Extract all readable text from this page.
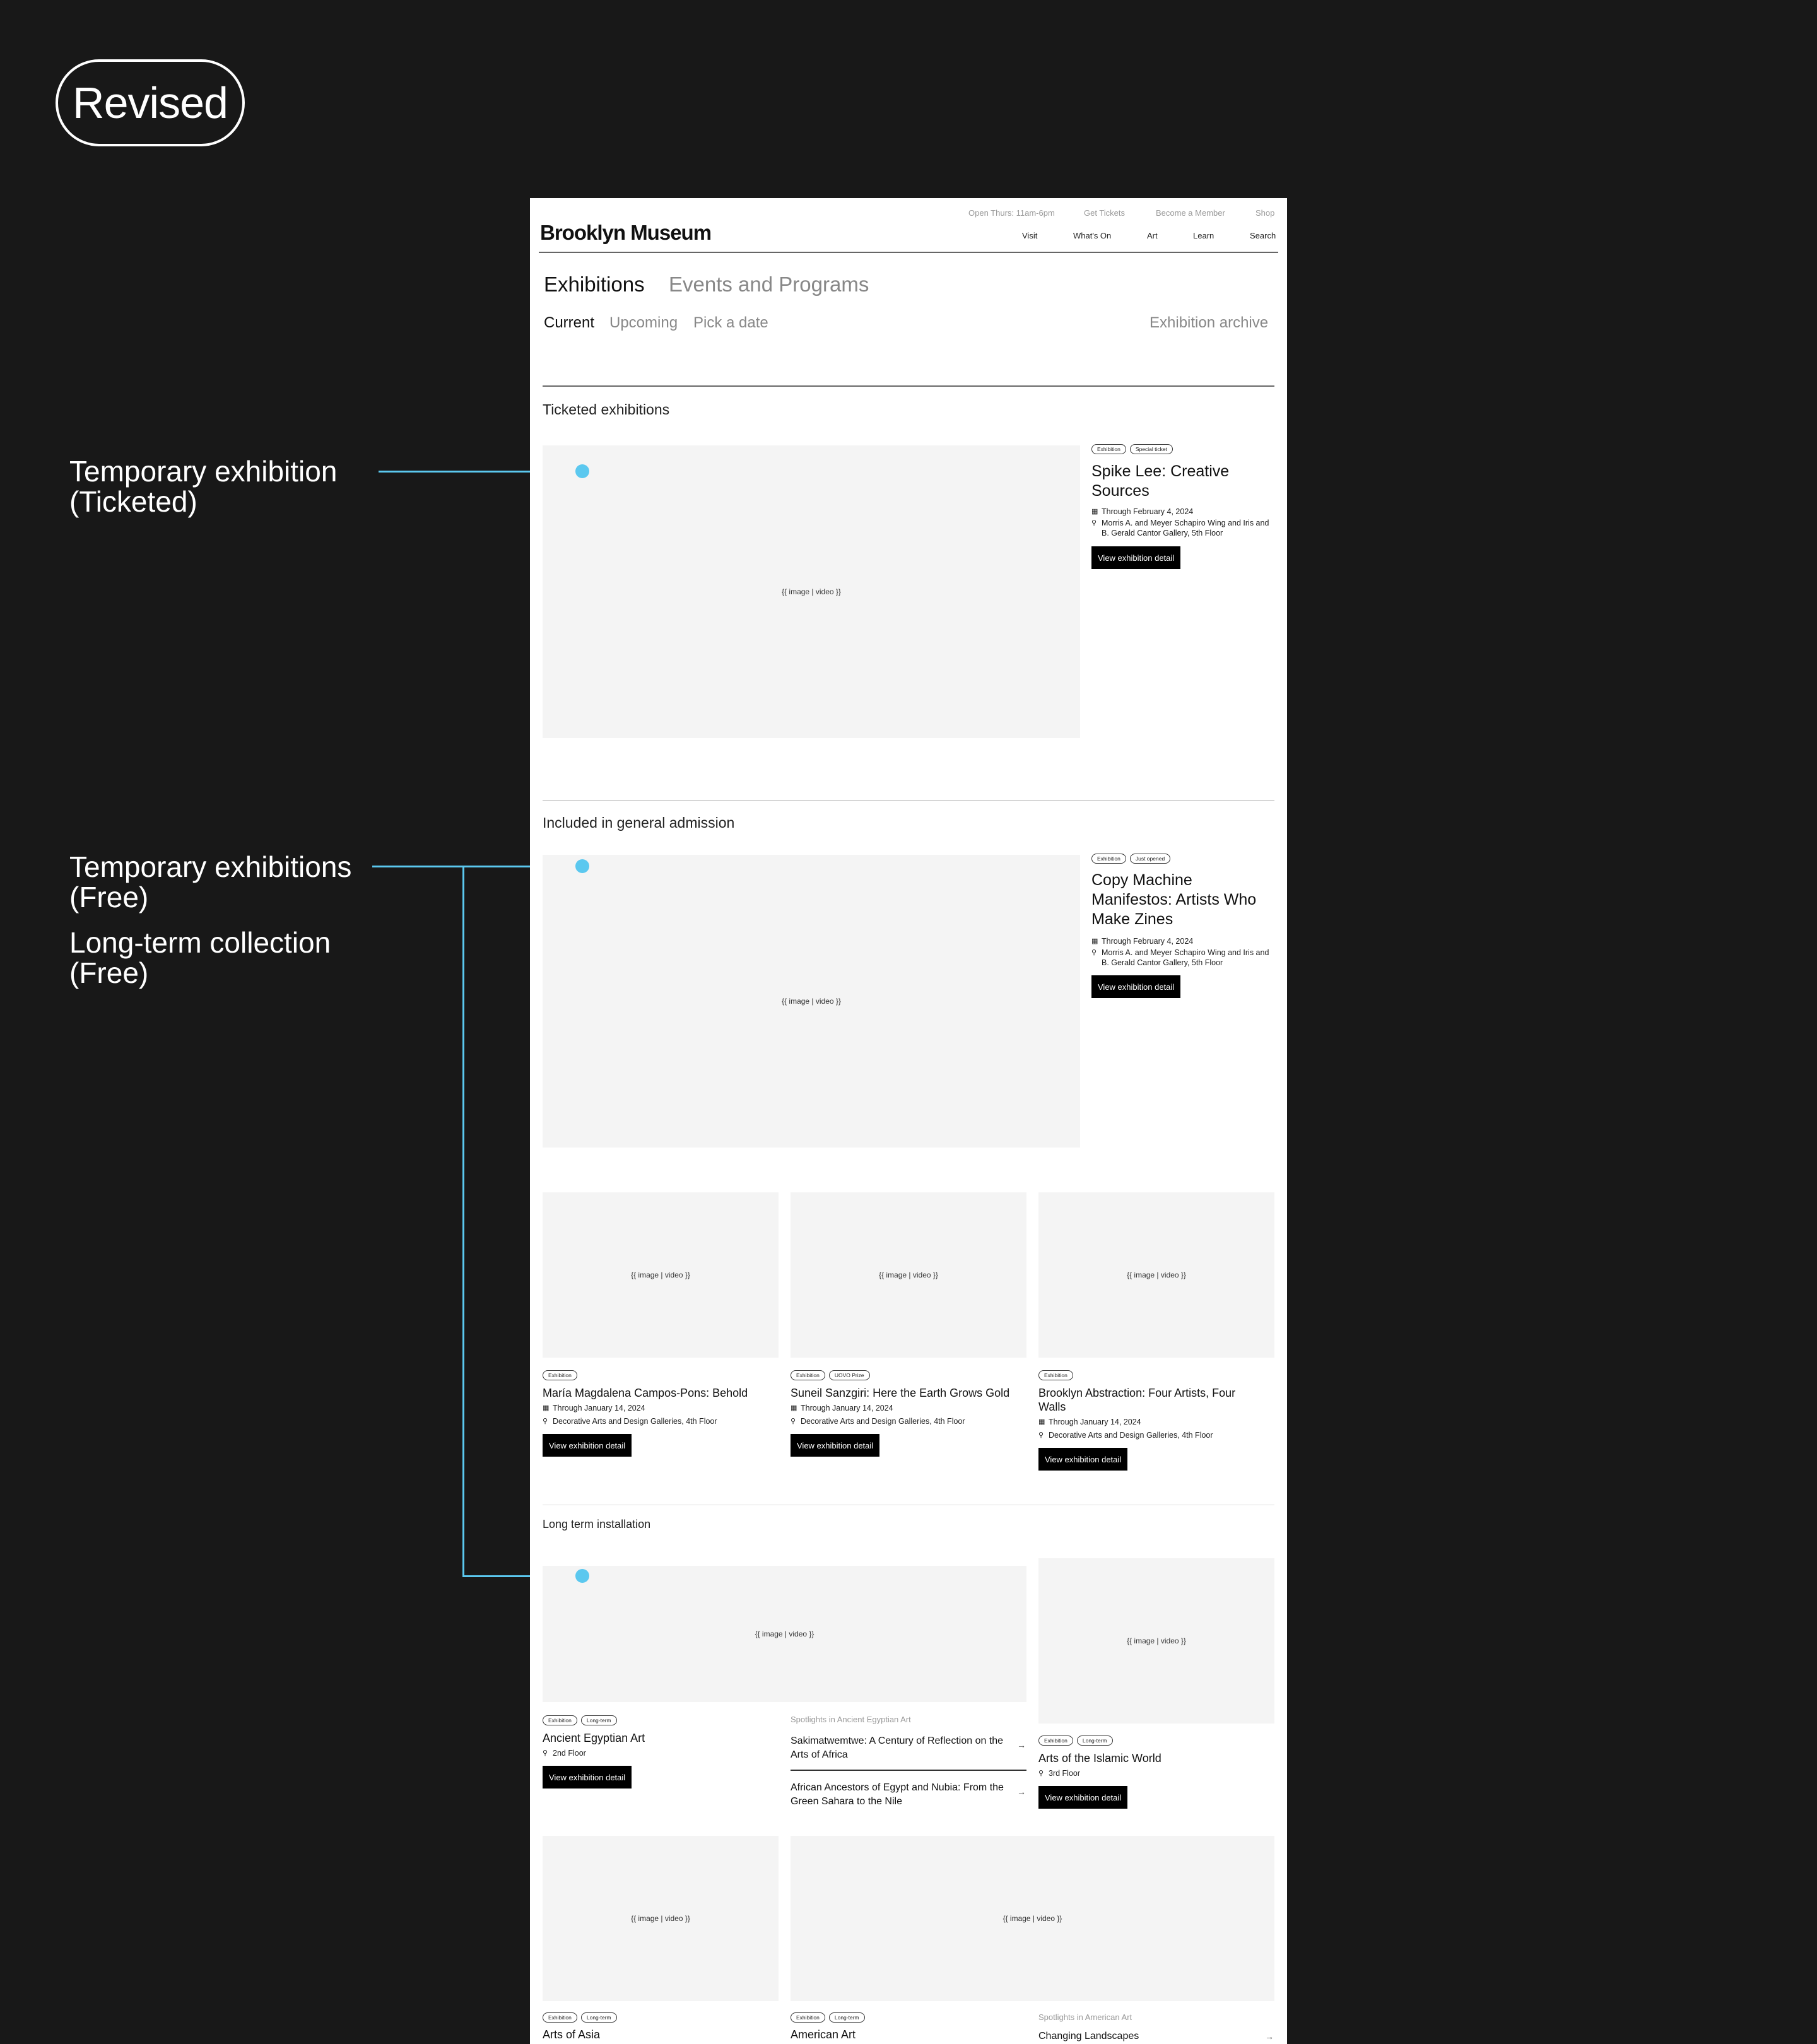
Revised
Temporary exhibition
(Ticketed)
Temporary exhibitions
(Free)
Long-term collection
(Free)
Brooklyn Museum
Open Thurs: 11am-6pm	Get Tickets	Become a Member	Shop
Visit	What's On	Art	Learn	Search
Exhibitions Events and Programs
Current Upcoming Pick a date	Exhibition archive
Ticketed exhibitions
{{ image | video }}
Exhibition	Special ticket
Spike Lee: Creative Sources
▦ Through February 4, 2024
⚲ Morris A. and Meyer Schapiro Wing and Iris and B. Gerald Cantor Gallery, 5th Floor
View exhibition detail
Included in general admission
{{ image | video }}
Exhibition	Just opened
Copy Machine Manifestos: Artists Who Make Zines
▦ Through February 4, 2024
⚲ Morris A. and Meyer Schapiro Wing and Iris and B. Gerald Cantor Gallery, 5th Floor
View exhibition detail
{{ image | video }}	{{ image | video }}	{{ image | video }}
Exhibition
María Magdalena Campos-Pons: Behold
▦ Through January 14, 2024
⚲ Decorative Arts and Design Galleries, 4th Floor
View exhibition detail
Exhibition	UOVO Prize
Suneil Sanzgiri: Here the Earth Grows Gold
▦ Through January 14, 2024
⚲ Decorative Arts and Design Galleries, 4th Floor
View exhibition detail
Exhibition
Brooklyn Abstraction: Four Artists, Four Walls
▦ Through January 14, 2024
⚲ Decorative Arts and Design Galleries, 4th Floor
View exhibition detail
Long term installation
{{ image | video }}
Exhibition	Long-term
Ancient Egyptian Art
⚲ 2nd Floor
View exhibition detail
Spotlights in Ancient Egyptian Art
Sakimatwemtwe: A Century of Reflection on the Arts of Africa
→
African Ancestors of Egypt and Nubia: From the Green Sahara to the Nile
→
{{ image | video }}
Exhibition	Long-term
Arts of the Islamic World
⚲ 3rd Floor
View exhibition detail
{{ image | video }}	{{ image | video }}
Exhibition	Long-term
Arts of Asia
Exhibition	Long-term
American Art
Spotlights in American Art
Changing Landscapes	→
